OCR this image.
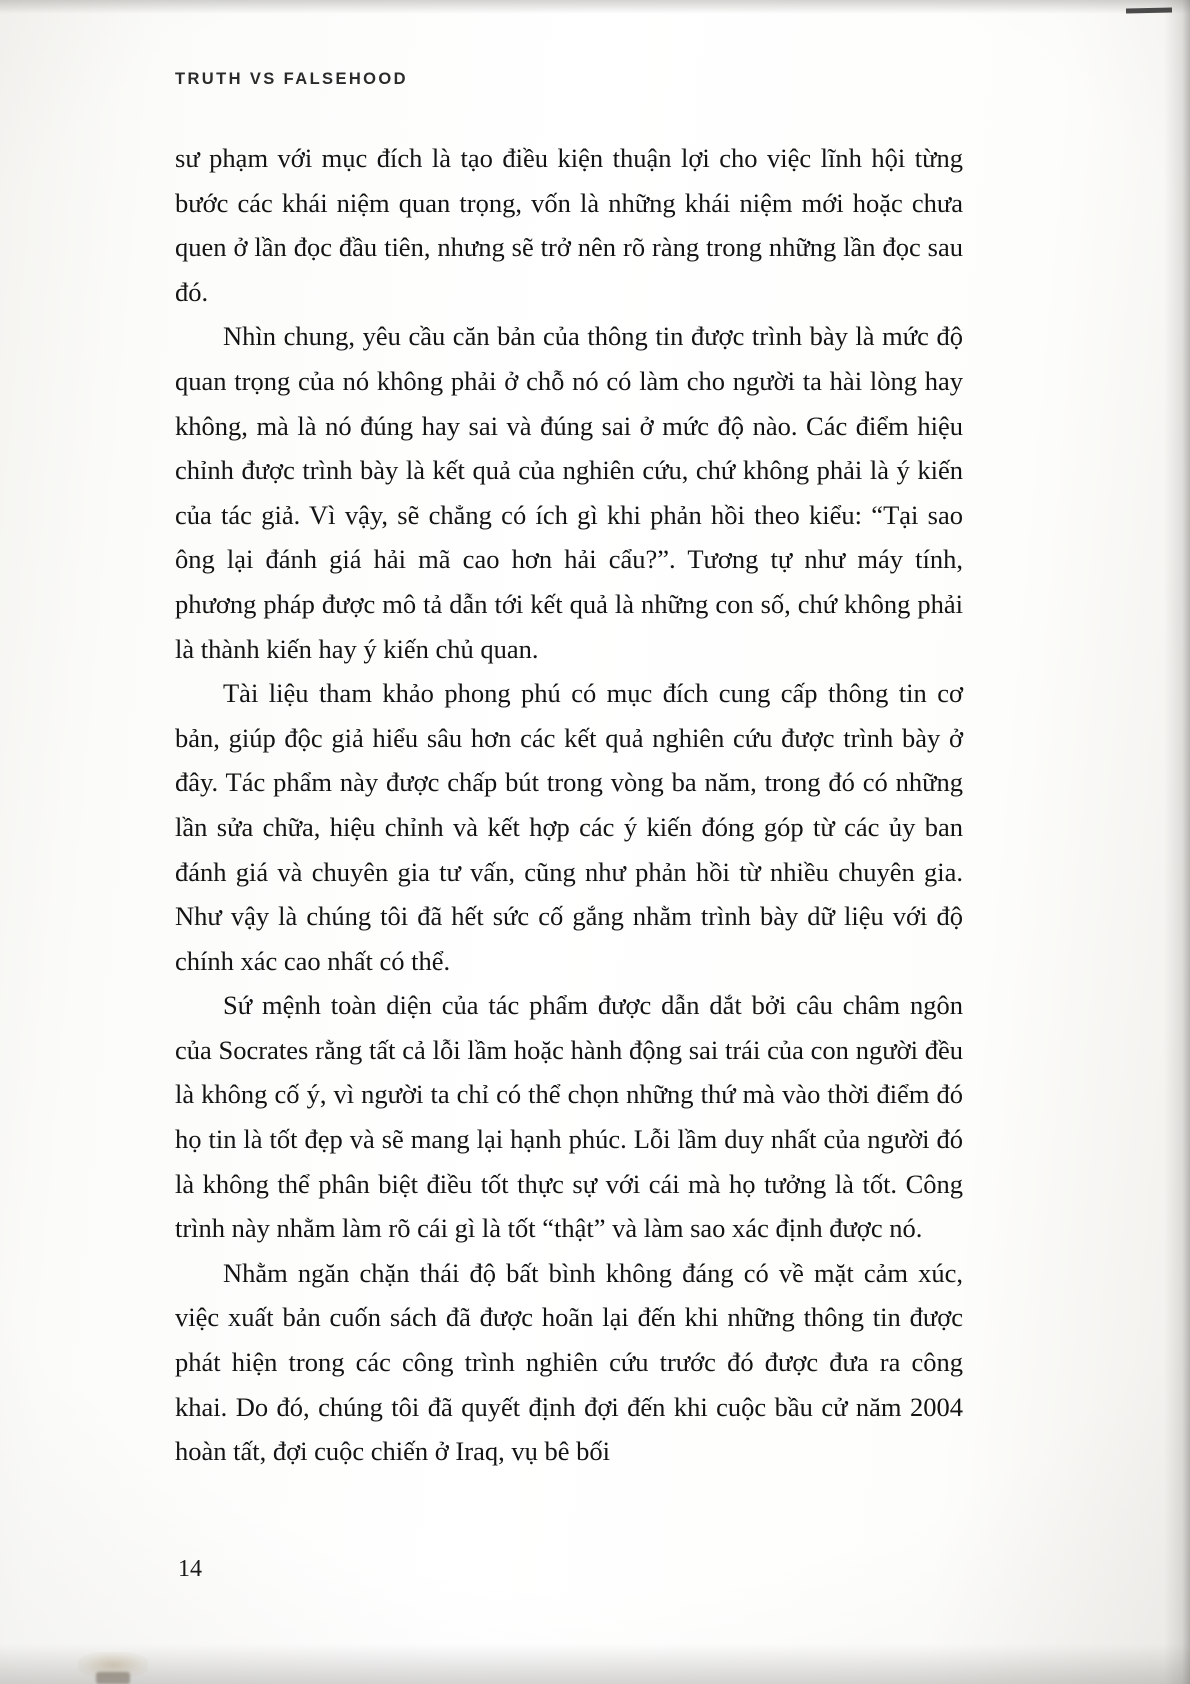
TRUTH VS FALSEHOOD

sư phạm với mục đích là tạo điều kiện thuận lợi cho việc lĩnh hội từng bước các khái niệm quan trọng, vốn là những khái niệm mới hoặc chưa quen ở lần đọc đầu tiên, nhưng sẽ trở nên rõ ràng trong những lần đọc sau đó.

Nhìn chung, yêu cầu căn bản của thông tin được trình bày là mức độ quan trọng của nó không phải ở chỗ nó có làm cho người ta hài lòng hay không, mà là nó đúng hay sai và đúng sai ở mức độ nào. Các điểm hiệu chỉnh được trình bày là kết quả của nghiên cứu, chứ không phải là ý kiến của tác giả. Vì vậy, sẽ chẳng có ích gì khi phản hồi theo kiểu: “Tại sao ông lại đánh giá hải mã cao hơn hải cẩu?”. Tương tự như máy tính, phương pháp được mô tả dẫn tới kết quả là những con số, chứ không phải là thành kiến hay ý kiến chủ quan.

Tài liệu tham khảo phong phú có mục đích cung cấp thông tin cơ bản, giúp độc giả hiểu sâu hơn các kết quả nghiên cứu được trình bày ở đây. Tác phẩm này được chấp bút trong vòng ba năm, trong đó có những lần sửa chữa, hiệu chỉnh và kết hợp các ý kiến đóng góp từ các ủy ban đánh giá và chuyên gia tư vấn, cũng như phản hồi từ nhiều chuyên gia. Như vậy là chúng tôi đã hết sức cố gắng nhằm trình bày dữ liệu với độ chính xác cao nhất có thể.

Sứ mệnh toàn diện của tác phẩm được dẫn dắt bởi câu châm ngôn của Socrates rằng tất cả lỗi lầm hoặc hành động sai trái của con người đều là không cố ý, vì người ta chỉ có thể chọn những thứ mà vào thời điểm đó họ tin là tốt đẹp và sẽ mang lại hạnh phúc. Lỗi lầm duy nhất của người đó là không thể phân biệt điều tốt thực sự với cái mà họ tưởng là tốt. Công trình này nhằm làm rõ cái gì là tốt “thật” và làm sao xác định được nó.

Nhằm ngăn chặn thái độ bất bình không đáng có về mặt cảm xúc, việc xuất bản cuốn sách đã được hoãn lại đến khi những thông tin được phát hiện trong các công trình nghiên cứu trước đó được đưa ra công khai. Do đó, chúng tôi đã quyết định đợi đến khi cuộc bầu cử năm 2004 hoàn tất, đợi cuộc chiến ở Iraq, vụ bê bối

14
